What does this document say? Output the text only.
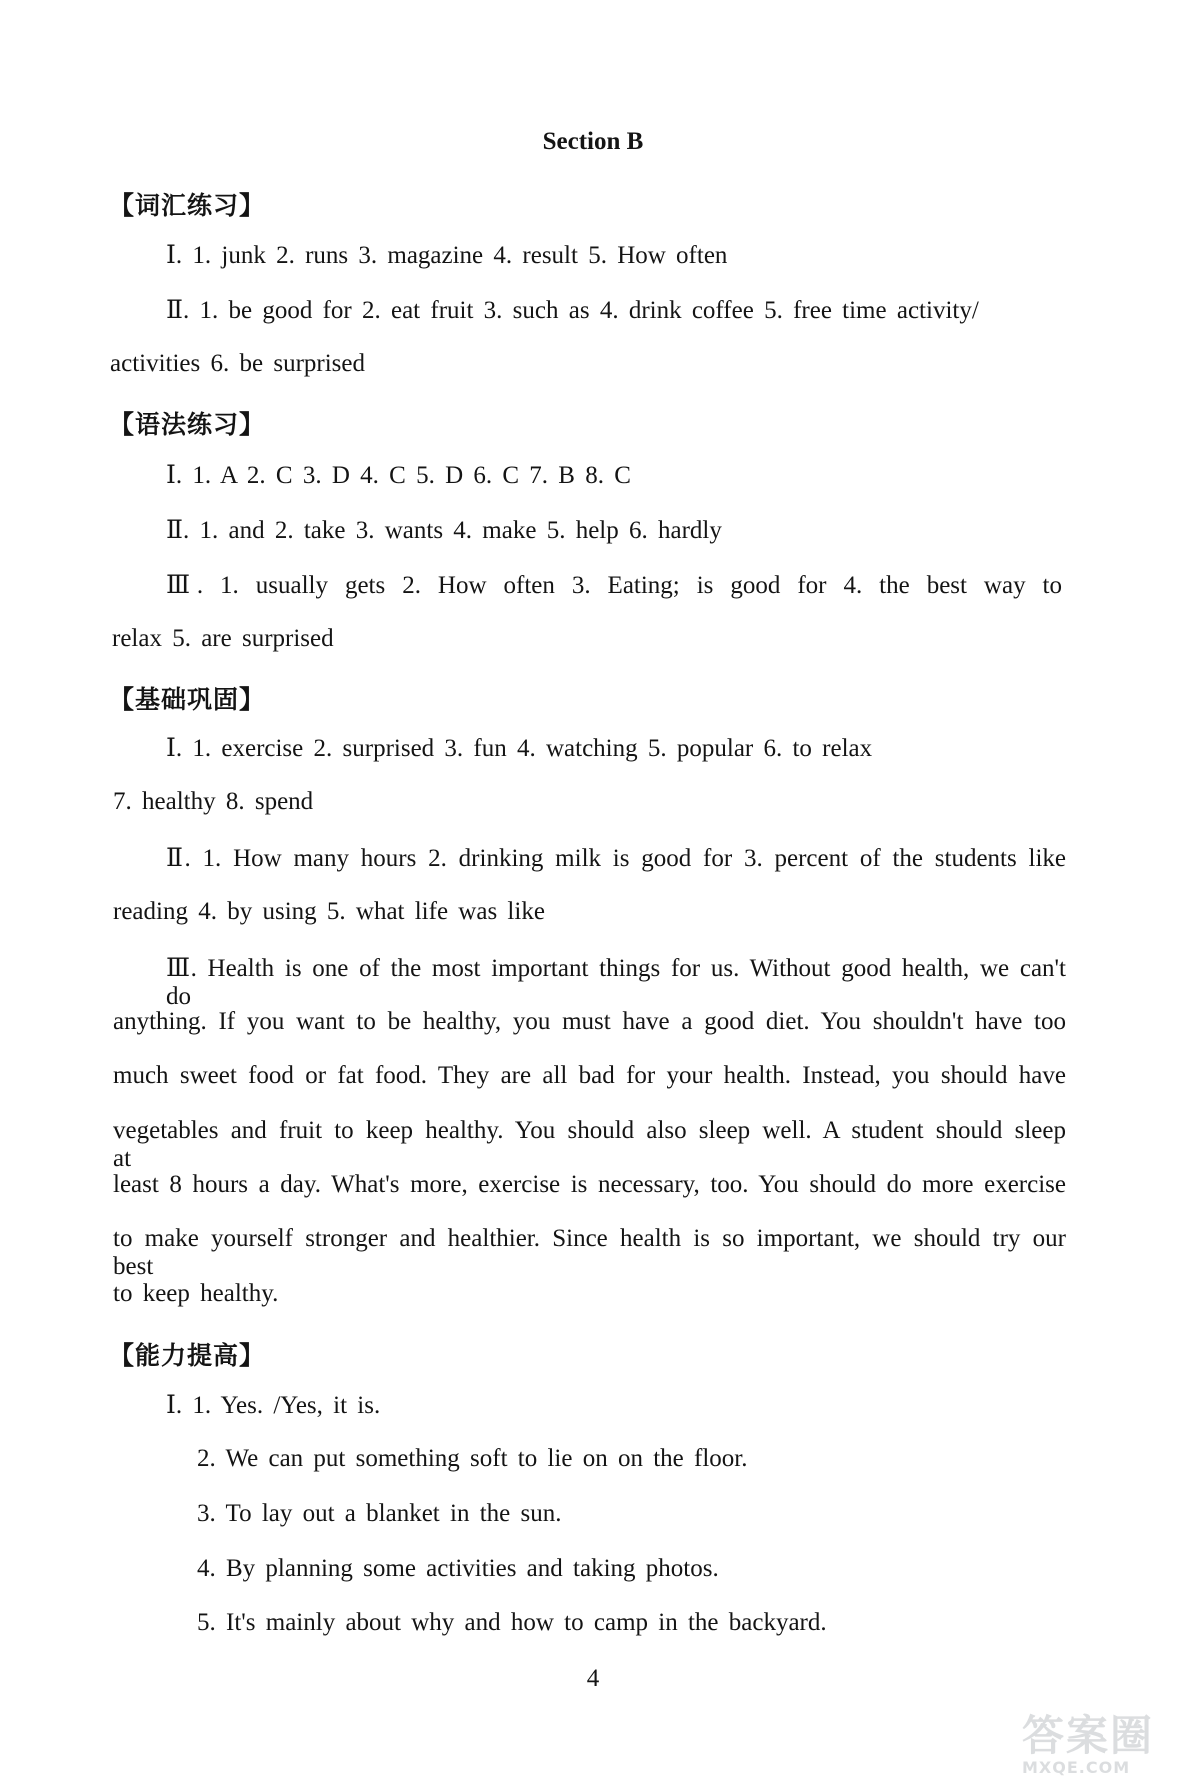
Section B
【词汇练习】
Ⅰ. 1. junk 2. runs 3. magazine 4. result 5. How often
Ⅱ. 1. be good for 2. eat fruit 3. such as 4. drink coffee 5. free time activity/
activities 6. be surprised
【语法练习】
Ⅰ. 1. A 2. C 3. D 4. C 5. D 6. C 7. B 8. C
Ⅱ. 1. and 2. take 3. wants 4. make 5. help 6. hardly
Ⅲ. 1. usually gets 2. How often 3. Eating; is good for 4. the best way to
relax 5. are surprised
【基础巩固】
Ⅰ. 1. exercise 2. surprised 3. fun 4. watching 5. popular 6. to relax
7. healthy 8. spend
Ⅱ. 1. How many hours 2. drinking milk is good for 3. percent of the students like
reading 4. by using 5. what life was like
Ⅲ. Health is one of the most important things for us. Without good health, we can't do
anything. If you want to be healthy, you must have a good diet. You shouldn't have too
much sweet food or fat food. They are all bad for your health. Instead, you should have
vegetables and fruit to keep healthy. You should also sleep well. A student should sleep at
least 8 hours a day. What's more, exercise is necessary, too. You should do more exercise
to make yourself stronger and healthier. Since health is so important, we should try our best
to keep healthy.
【能力提高】
Ⅰ. 1. Yes. /Yes, it is.
2. We can put something soft to lie on on the floor.
3. To lay out a blanket in the sun.
4. By planning some activities and taking photos.
5. It's mainly about why and how to camp in the backyard.
4
答案圈
MXQE.COM
